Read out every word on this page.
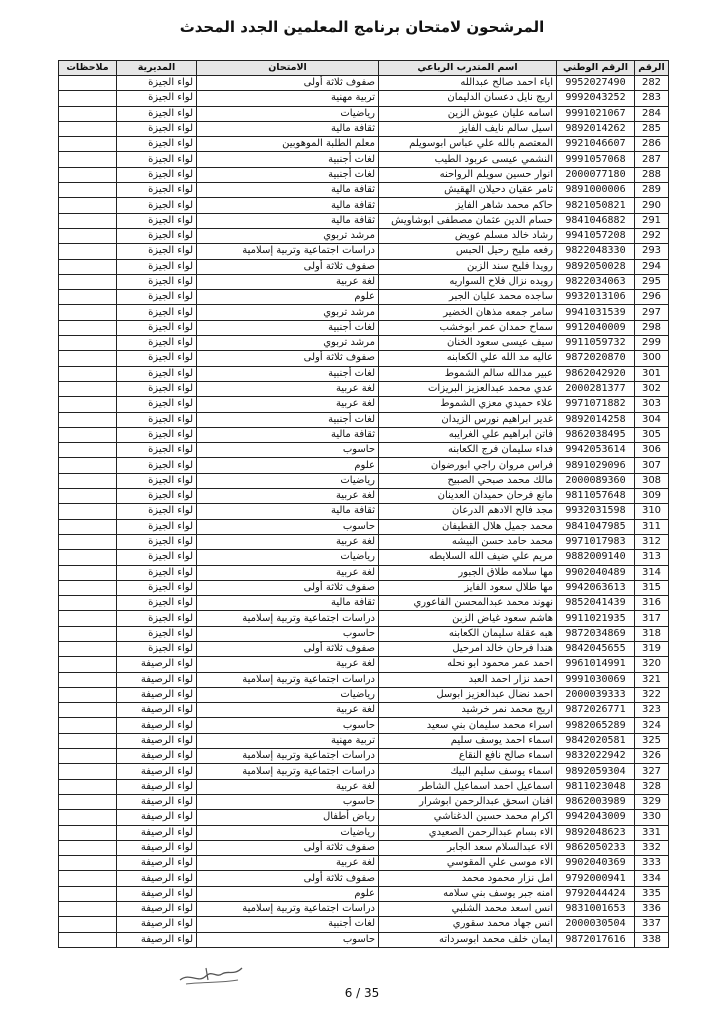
المرشحون لامتحان برنامج المعلمين الجدد المحدث
الرقم	الرقم الوطني	اسم المتدرب الرباعي	الامتحان	المديرية	ملاحظات
282	9952027490	اياء احمد صالح عبدالله	صفوف ثلاثة أولى	لواء الجيزة	
283	9992043252	اريج نايل دعسان الدليمان	تربية مهنية	لواء الجيزة	
284	9991021067	اسامه عليان عيوش الزين	رياضيات	لواء الجيزة	
285	9892014262	اسيل سالم نايف الفايز	ثقافة مالية	لواء الجيزة	
286	9921046607	المعتصم بالله علي عباس ابوسويلم	معلم الطلبة الموهوبين	لواء الجيزة	
287	9991057068	النشمي عيسى عربود الطيب	لغات أجنبية	لواء الجيزة	
288	2000077180	انوار حسين سويلم الرواحنه	لغات أجنبية	لواء الجيزة	
289	9891000006	ثامر عقيان دحيلان الهقيش	ثقافة مالية	لواء الجيزة	
290	9821050821	حاكم محمد شاهر الفايز	ثقافة مالية	لواء الجيزة	
291	9841046882	حسام الدين عثمان مصطفى ابوشاويش	ثقافة مالية	لواء الجيزة	
292	9941057208	رشاد خالد مسلم عويض	مرشد تربوي	لواء الجيزة	
293	9822048330	رفعه مليح رحيل الحبس	دراسات اجتماعية وتربية إسلامية	لواء الجيزة	
294	9892050028	رويدا فليح سند الزبن	صفوف ثلاثة أولى	لواء الجيزة	
295	9822034063	رويده نزال فلاح السواريه	لغة عربية	لواء الجيزة	
296	9932013106	ساجده محمد عليان الجبر	علوم	لواء الجيزة	
297	9941031539	سامر جمعه مذهان الخضير	مرشد تربوي	لواء الجيزة	
298	9912040009	سماح حمدان عمر ابوخشب	لغات أجنبية	لواء الجيزة	
299	9911059732	سيف عيسى سعود الخنان	مرشد تربوي	لواء الجيزة	
300	9872020870	عاليه مد الله علي الكعابنه	صفوف ثلاثة أولى	لواء الجيزة	
301	9862042920	عبير مدالله سالم الشموط	لغات أجنبية	لواء الجيزة	
302	2000281377	عدي محمد عبدالعزيز البريزات	لغة عربية	لواء الجيزة	
303	9971071882	علاء حميدي معزي الشموط	لغة عربية	لواء الجيزة	
304	9892014258	غدير ابراهيم نورس الزيدان	لغات أجنبية	لواء الجيزة	
305	9862038495	فاتن ابراهيم علي الغرايبه	ثقافة مالية	لواء الجيزة	
306	9942053614	فداء سليمان فرج الكعابنه	حاسوب	لواء الجيزة	
307	9891029096	فراس مروان راجي ابورضوان	علوم	لواء الجيزة	
308	2000089360	مالك محمد صبحي الصبيح	رياضيات	لواء الجيزة	
309	9811057648	مانع فرحان حميدان العدينان	لغة عربية	لواء الجيزة	
310	9932031598	مجد فالح الادهم الدرعان	ثقافة مالية	لواء الجيزة	
311	9841047985	محمد جميل هلال القطيفان	حاسوب	لواء الجيزة	
312	9971017983	محمد حامد حسن البيشه	لغة عربية	لواء الجيزة	
313	9882009140	مريم علي ضيف الله السلايطه	رياضيات	لواء الجيزة	
314	9902040489	مها سلامه طلاق الجبور	لغة عربية	لواء الجيزة	
315	9942063613	مها طلال سعود الفايز	صفوف ثلاثة أولى	لواء الجيزة	
316	9852041439	نهوند محمد عبدالمحسن الفاعوري	ثقافة مالية	لواء الجيزة	
317	9911021935	هاشم سعود غياض الزبن	دراسات اجتماعية وتربية إسلامية	لواء الجيزة	
318	9872034869	هبه عقلة سليمان الكعابنه	حاسوب	لواء الجيزة	
319	9842045655	هندا فرحان خالد امرحيل	صفوف ثلاثة أولى	لواء الجيزة	
320	9961014991	احمد عمر محمود ابو نحله	لغة عربية	لواء الرصيفة	
321	9991030069	احمد نزار احمد العبد	دراسات اجتماعية وتربية إسلامية	لواء الرصيفة	
322	2000039333	احمد نضال عبدالعزيز ابوسل	رياضيات	لواء الرصيفة	
323	9872026771	اريج محمد نمر خرشيد	لغة عربية	لواء الرصيفة	
324	9982065289	اسراء محمد سليمان بني سعيد	حاسوب	لواء الرصيفة	
325	9842020581	اسماء احمد يوسف سليم	تربية مهنية	لواء الرصيفة	
326	9832022942	اسماء صالح نافع النقاع	دراسات اجتماعية وتربية إسلامية	لواء الرصيفة	
327	9892059304	اسماء يوسف سليم البيك	دراسات اجتماعية وتربية إسلامية	لواء الرصيفة	
328	9811023048	اسماعيل احمد اسماعيل الشاطر	لغة عربية	لواء الرصيفة	
329	9862003989	افنان اسحق عبدالرحمن ابوشرار	حاسوب	لواء الرصيفة	
330	9942043009	اكرام محمد حسين الدغناشي	رياض أطفال	لواء الرصيفة	
331	9892048623	الاء بسام عبدالرحمن الصعيدي	رياضيات	لواء الرصيفة	
332	9862050233	الاء عبدالسلام سعد الجابر	صفوف ثلاثة أولى	لواء الرصيفة	
333	9902040369	الاء موسى علي المقوسي	لغة عربية	لواء الرصيفة	
334	9792000941	امل نزار محمود محمد	صفوف ثلاثة أولى	لواء الرصيفة	
335	9792044424	امنه جبر يوسف بني سلامه	علوم	لواء الرصيفة	
336	9831001653	انس اسعد محمد الشلبي	دراسات اجتماعية وتربية إسلامية	لواء الرصيفة	
337	2000030504	انس جهاد محمد سقوري	لغات أجنبية	لواء الرصيفة	
338	9872017616	ايمان خلف محمد ابوسرداته	حاسوب	لواء الرصيفة	
6 / 35
